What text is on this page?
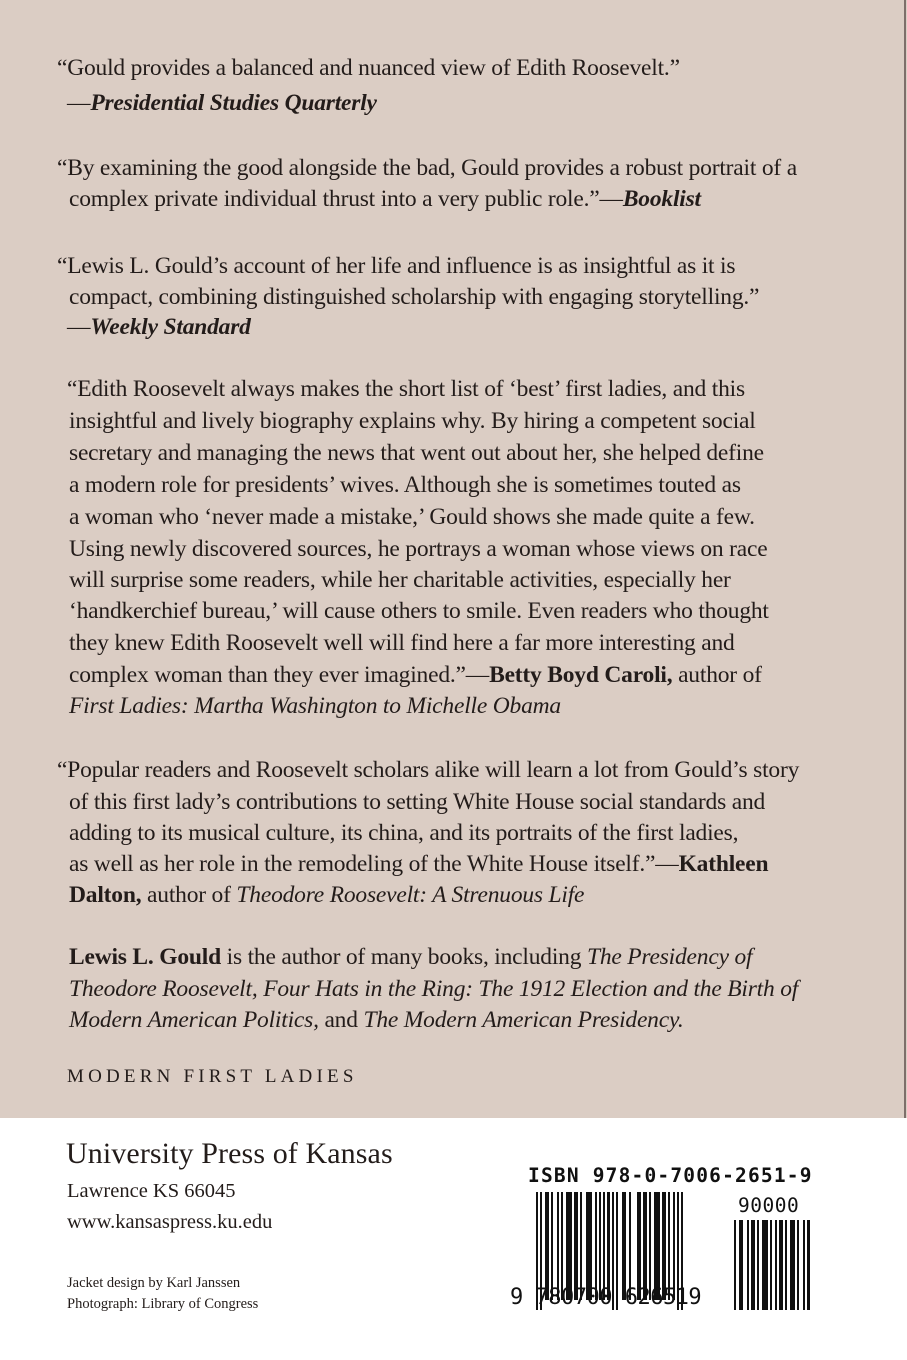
“Gould provides a balanced and nuanced view of Edith Roosevelt.”
—Presidential Studies Quarterly
“By examining the good alongside the bad, Gould provides a robust portrait of a
complex private individual thrust into a very public role.”—Booklist
“Lewis L. Gould’s account of her life and influence is as insightful as it is
compact, combining distinguished scholarship with engaging storytelling.”
—Weekly Standard
“Edith Roosevelt always makes the short list of ‘best’ first ladies, and this
insightful and lively biography explains why. By hiring a competent social
secretary and managing the news that went out about her, she helped define
a modern role for presidents’ wives. Although she is sometimes touted as
a woman who ‘never made a mistake,’ Gould shows she made quite a few.
Using newly discovered sources, he portrays a woman whose views on race
will surprise some readers, while her charitable activities, especially her
‘handkerchief bureau,’ will cause others to smile. Even readers who thought
they knew Edith Roosevelt well will find here a far more interesting and
complex woman than they ever imagined.”—Betty Boyd Caroli, author of
First Ladies: Martha Washington to Michelle Obama
“Popular readers and Roosevelt scholars alike will learn a lot from Gould’s story
of this first lady’s contributions to setting White House social standards and
adding to its musical culture, its china, and its portraits of the first ladies,
as well as her role in the remodeling of the White House itself.”—Kathleen
Dalton, author of Theodore Roosevelt: A Strenuous Life
Lewis L. Gould is the author of many books, including The Presidency of
Theodore Roosevelt, Four Hats in the Ring: The 1912 Election and the Birth of
Modern American Politics, and The Modern American Presidency.
MODERN FIRST LADIES
University Press of Kansas
Lawrence KS 66045
www.kansaspress.ku.edu
Jacket design by Karl Janssen
Photograph: Library of Congress
ISBN 978-0-7006-2651-9
90000
9 780700 626519
